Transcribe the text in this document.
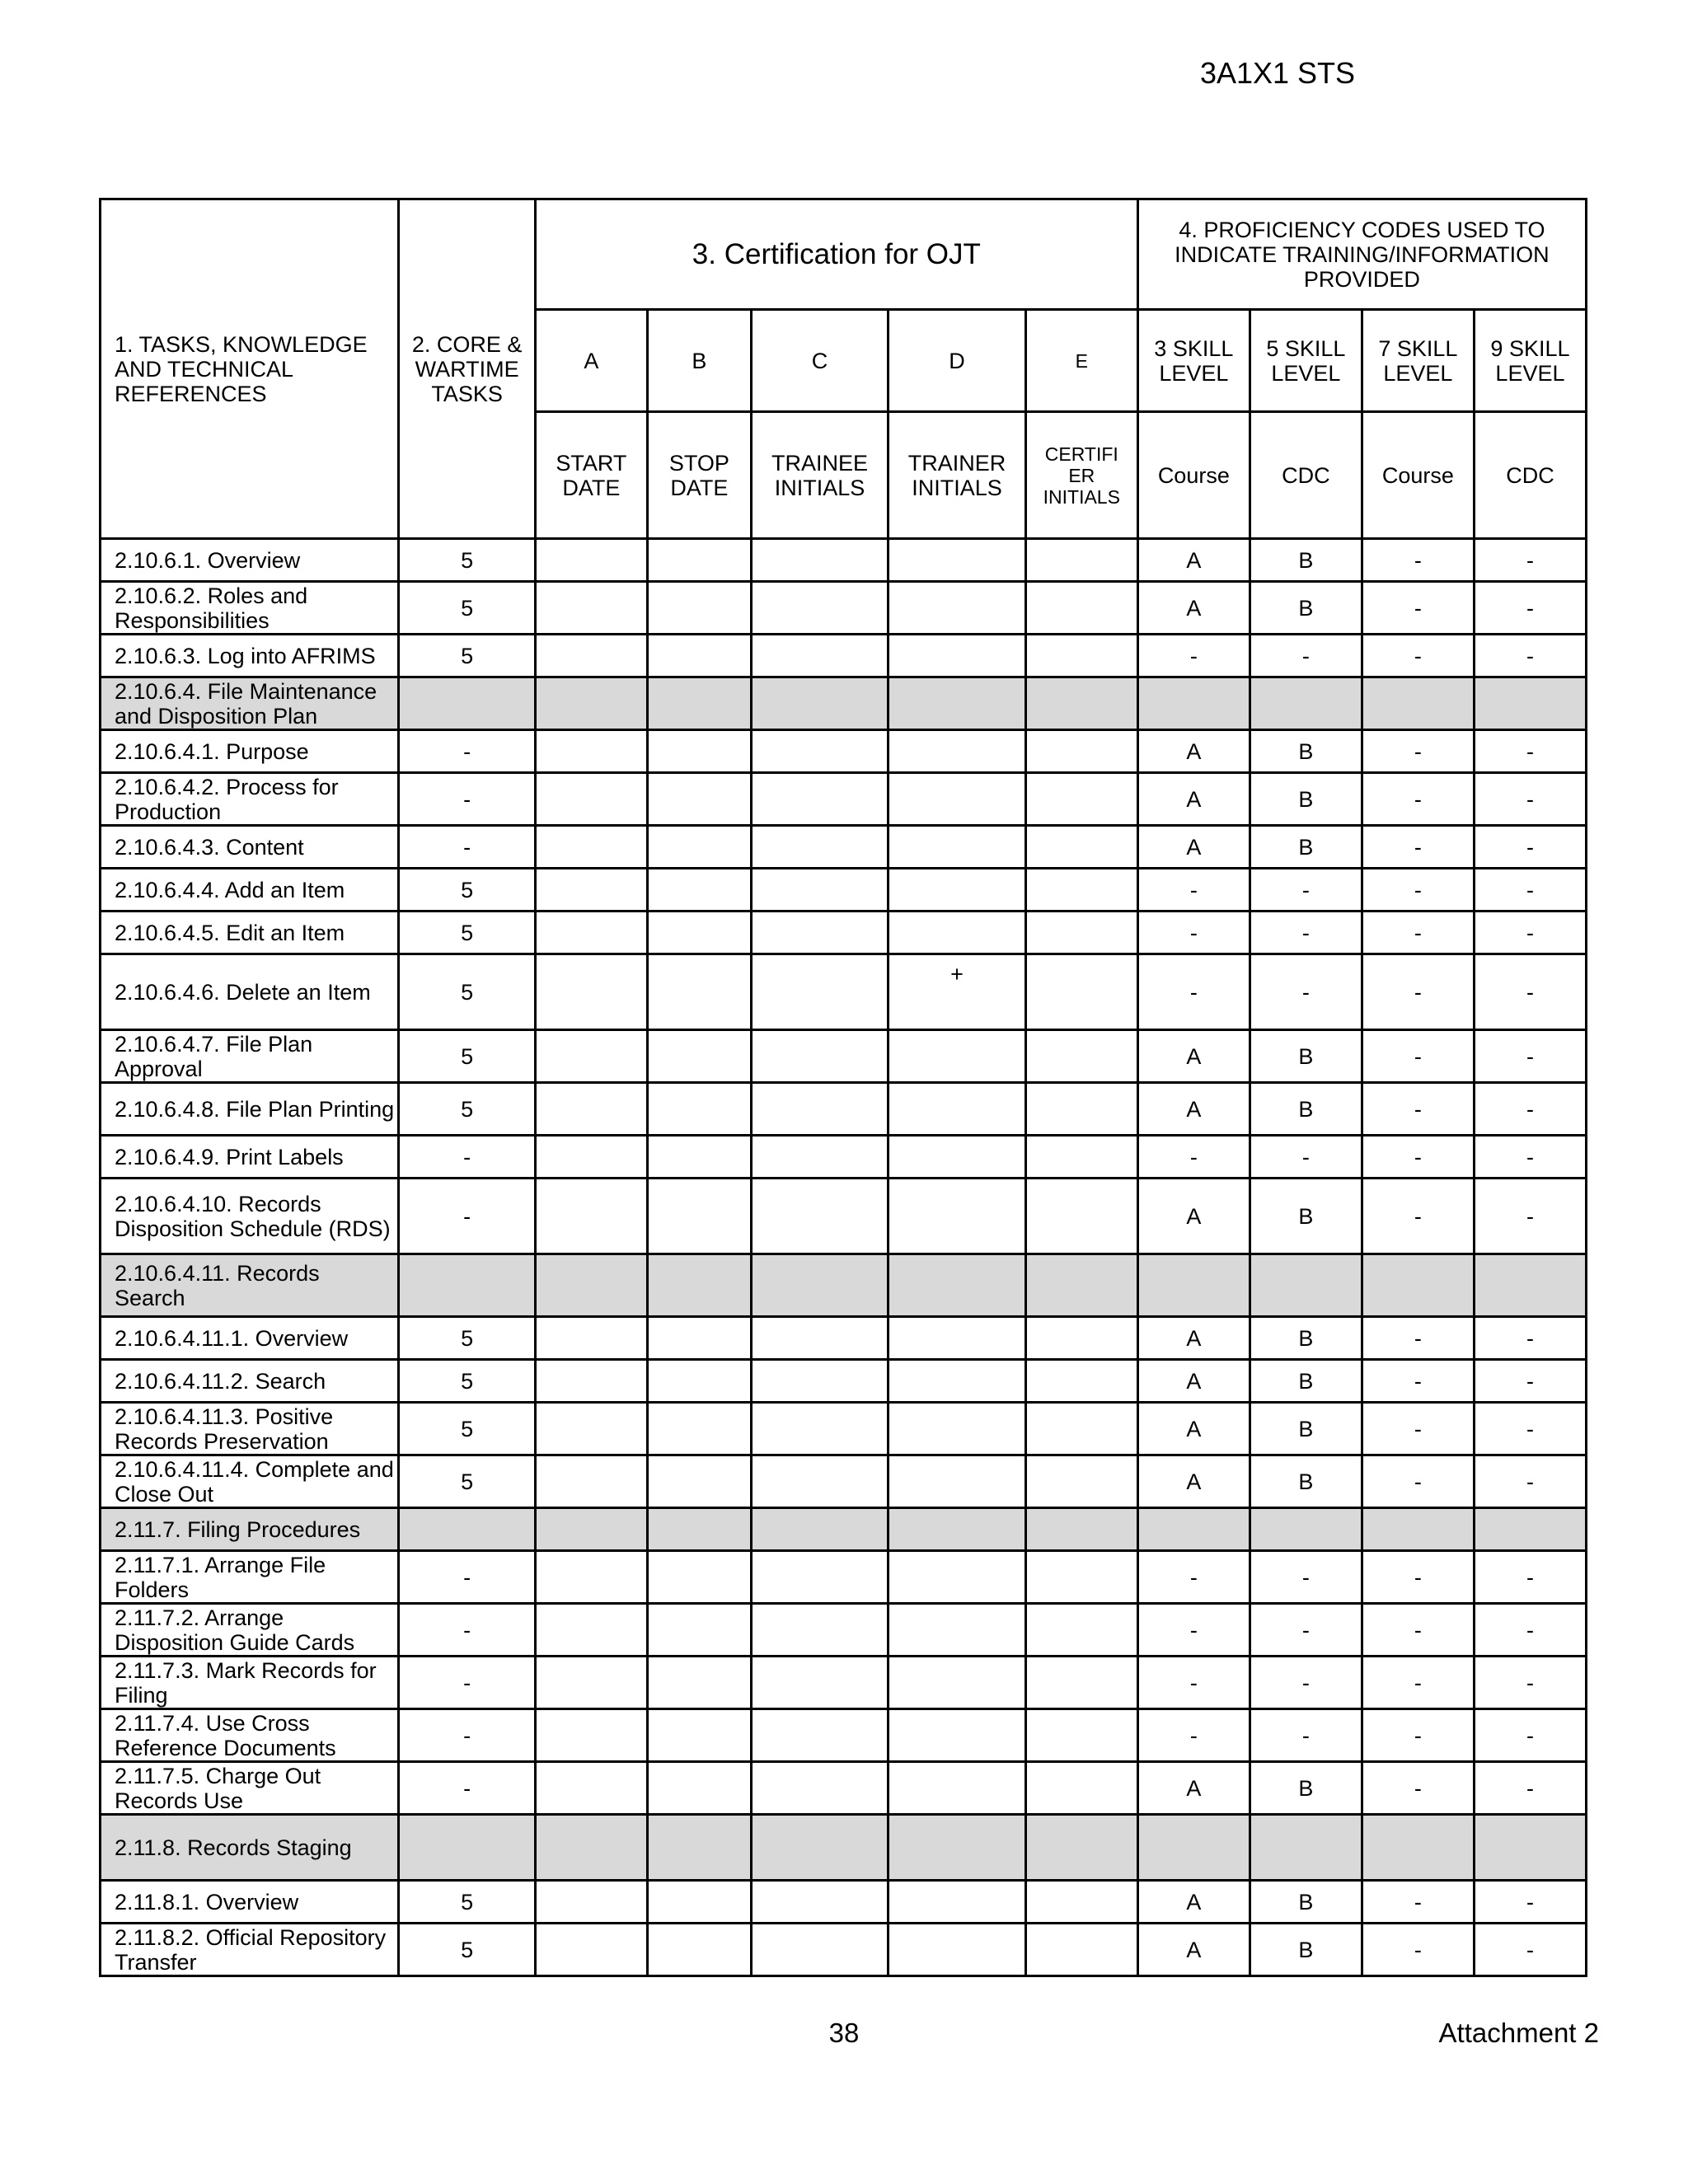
3A1X1 STS
1. TASKS, KNOWLEDGE AND TECHNICAL REFERENCES	2. CORE & WARTIME TASKS	3. Certification for OJT					4. PROFICIENCY CODES USED TO INDICATE TRAINING/INFORMATION PROVIDED			
		A	B	C	D	E	3 SKILL LEVEL	5 SKILL LEVEL	7 SKILL LEVEL	9 SKILL LEVEL
		START DATE	STOP DATE	TRAINEE INITIALS	TRAINER INITIALS	CERTIFI ER INITIALS	Course	CDC	Course	CDC
2.10.6.1. Overview	5						A	B	-	-
2.10.6.2. Roles and Responsibilities	5						A	B	-	-
2.10.6.3. Log into AFRIMS	5						-	-	-	-
2.10.6.4. File Maintenance and Disposition Plan										
2.10.6.4.1. Purpose	-						A	B	-	-
2.10.6.4.2. Process for Production	-						A	B	-	-
2.10.6.4.3. Content	-						A	B	-	-
2.10.6.4.4. Add an Item	5						-	-	-	-
2.10.6.4.5. Edit an Item	5						-	-	-	-
2.10.6.4.6. Delete an Item	5				+		-	-	-	-
2.10.6.4.7. File Plan Approval	5						A	B	-	-
2.10.6.4.8. File Plan Printing	5						A	B	-	-
2.10.6.4.9. Print Labels	-						-	-	-	-
2.10.6.4.10. Records Disposition Schedule (RDS)	-						A	B	-	-
2.10.6.4.11. Records Search										
2.10.6.4.11.1. Overview	5						A	B	-	-
2.10.6.4.11.2. Search	5						A	B	-	-
2.10.6.4.11.3. Positive Records Preservation	5						A	B	-	-
2.10.6.4.11.4. Complete and Close Out	5						A	B	-	-
2.11.7. Filing Procedures										
2.11.7.1. Arrange File Folders	-						-	-	-	-
2.11.7.2. Arrange Disposition Guide Cards	-						-	-	-	-
2.11.7.3. Mark Records for Filing	-						-	-	-	-
2.11.7.4. Use Cross Reference Documents	-						-	-	-	-
2.11.7.5. Charge Out Records Use	-						A	B	-	-
2.11.8. Records Staging										
2.11.8.1. Overview	5						A	B	-	-
2.11.8.2. Official Repository Transfer	5						A	B	-	-
38	Attachment 2
